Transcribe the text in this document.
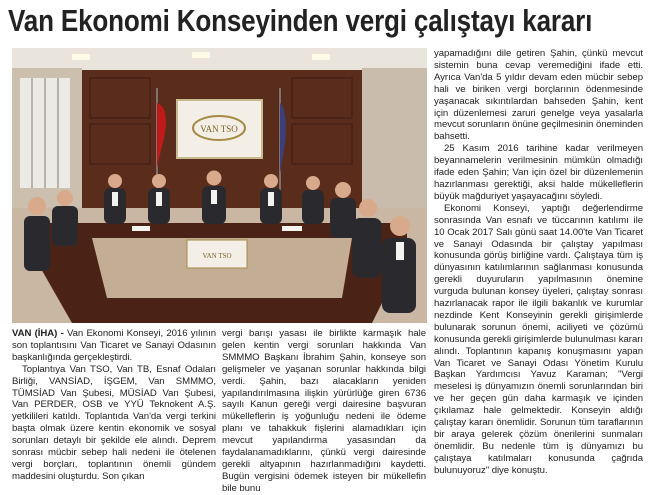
Van Ekonomi Konseyinden vergi çalıştayı kararı
VAN TSO
VAN TSO

VAN (İHA) - Van Ekonomi Konseyi, 2016 yılının son toplantısını Van Ticaret ve Sanayi Odasının başkanlığında gerçekleştirdi.

Toplantıya Van TSO, Van TB, Esnaf Odaları Birliği, VANSİAD, İŞGEM, Van SMMMO, TÜMSİAD Van Şubesi, MÜSİAD Van Şubesi, Van PERDER, OSB ve YYÜ Teknokent A.Ş. yetkilileri katıldı. Toplantıda Van'da vergi terkini başta olmak üzere kentin ekonomik ve sosyal sorunları detaylı bir şekilde ele alındı. Deprem sonrası mücbir sebep hali nedeni ile ötelenen vergi borçları, toplantının önemli gündem maddesini oluşturdu. Son çıkan

vergi barışı yasası ile birlikte karmaşık hale gelen kentin vergi sorunları hakkında Van SMMMO Başkanı İbrahim Şahin, konseye son gelişmeler ve yaşanan sorunlar hakkında bilgi verdi. Şahin, bazı alacakların yeniden yapılandırılmasına ilişkin yürürlüğe giren 6736 sayılı Kanun gereği vergi dairesine başvuran mükelleflerin iş yoğunluğu nedeni ile ödeme planı ve tahakkuk fişlerini alamadıkları için mevcut yapılandırma yasasından da faydalanamadıklarını, çünkü vergi dairesinde gerekli altyapının hazırlanmadığını kaydetti. Bugün vergisini ödemek isteyen bir mükellefin bile bunu

yapamadığını dile getiren Şahin, çünkü mevcut sistemin buna cevap veremediğini ifade etti. Ayrıca Van'da 5 yıldır devam eden mücbir sebep hali ve biriken vergi borçlarının ödenmesinde yaşanacak sıkıntılardan bahseden Şahin, kent için düzenlemesi zaruri genelge veya yasalarla mevcut sorunların önüne geçilmesinin öneminden bahsetti.

25 Kasım 2016 tarihine kadar verilmeyen beyannamelerin verilmesinin mümkün olmadığı ifade eden Şahin; Van için özel bir düzenlemenin hazırlanması gerektiği, aksi halde mükelleflerin büyük mağduriyet yaşayacağını söyledi.

Ekonomi Konseyi, yaptığı değerlendirme sonrasında Van esnafı ve tüccarının katılımı ile 10 Ocak 2017 Salı günü saat 14.00'te Van Ticaret ve Sanayi Odasında bir çalıştay yapılması konusunda görüş birliğine vardı. Çalıştaya tüm iş dünyasının katılımlarının sağlanması konusunda gerekli duyuruların yapılmasının önemine vurguda bulunan konsey üyeleri, çalıştay sonrası hazırlanacak rapor ile ilgili bakanlık ve kurumlar nezdinde Kent Konseyinin gerekli girişimlerde bulunarak sorunun önemi, aciliyeti ve çözümü konusunda gerekli girişimlerde bulunulması kararı alındı. Toplantının kapanış konuşmasını yapan Van Ticaret ve Sanayi Odası Yönetim Kurulu Başkan Yardımcısı Yavuz Karaman; "Vergi meselesi iş dünyamızın önemli sorunlarından biri ve her geçen gün daha karmaşık ve içinden çıkılamaz hale gelmektedir. Konseyin aldığı çalıştay kararı önemlidir. Sorunun tüm taraflarının bir araya gelerek çözüm önerilerini sunmaları önemlidir. Bu nedenle tüm iş dünyamızı bu çalıştaya katılmaları konusunda çağrıda bulunuyoruz" diye konuştu.
